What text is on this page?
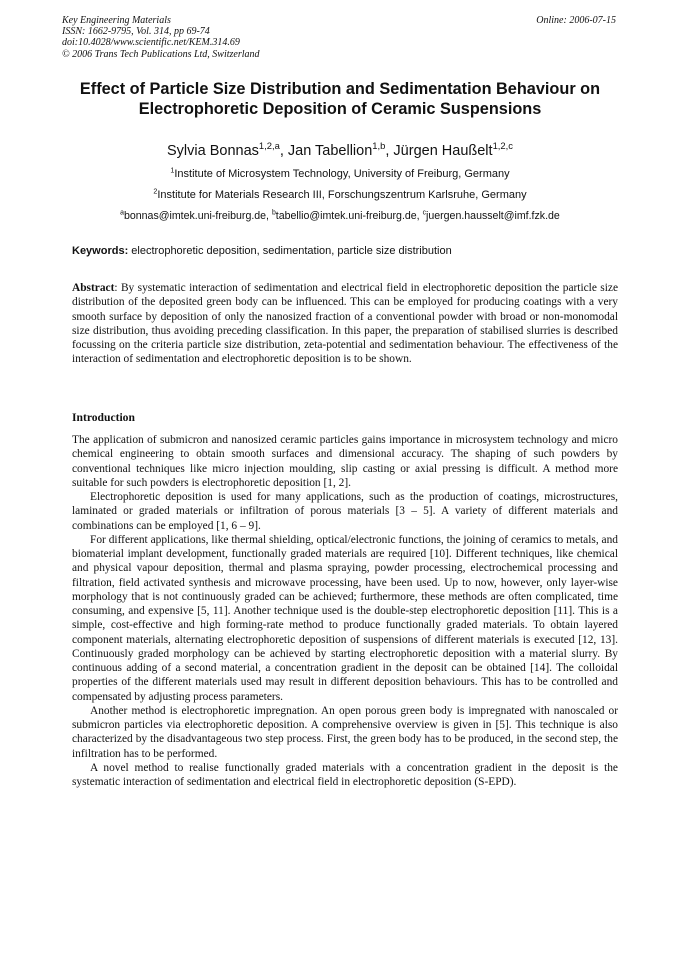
Key Engineering Materials
ISSN: 1662-9795, Vol. 314, pp 69-74
doi:10.4028/www.scientific.net/KEM.314.69
© 2006 Trans Tech Publications Ltd, Switzerland
Online: 2006-07-15
Effect of Particle Size Distribution and Sedimentation Behaviour on Electrophoretic Deposition of Ceramic Suspensions
Sylvia Bonnas$^{1,2,a}$, Jan Tabellion$^{1,b}$, Jürgen Haußelt$^{1,2,c}$
$^1$Institute of Microsystem Technology, University of Freiburg, Germany
$^2$Institute for Materials Research III, Forschungszentrum Karlsruhe, Germany
$^a$bonnas@imtek.uni-freiburg.de, $^b$tabellio@imtek.uni-freiburg.de, $^c$juergen.hausselt@imf.fzk.de
Keywords: electrophoretic deposition, sedimentation, particle size distribution
Abstract: By systematic interaction of sedimentation and electrical field in electrophoretic deposition the particle size distribution of the deposited green body can be influenced. This can be employed for producing coatings with a very smooth surface by deposition of only the nanosized fraction of a conventional powder with broad or non-monomodal size distribution, thus avoiding preceding classification. In this paper, the preparation of stabilised slurries is described focussing on the criteria particle size distribution, zeta-potential and sedimentation behaviour. The effectiveness of the interaction of sedimentation and electrophoretic deposition is to be shown.
Introduction

The application of submicron and nanosized ceramic particles gains importance in microsystem technology and micro chemical engineering to obtain smooth surfaces and dimensional accuracy. The shaping of such powders by conventional techniques like micro injection moulding, slip casting or axial pressing is difficult. A method more suitable for such powders is electrophoretic deposition [1, 2].

Electrophoretic deposition is used for many applications, such as the production of coatings, microstructures, laminated or graded materials or infiltration of porous materials [3 – 5]. A variety of different materials and combinations can be employed [1, 6 – 9].

For different applications, like thermal shielding, optical/electronic functions, the joining of ceramics to metals, and biomaterial implant development, functionally graded materials are required [10]. Different techniques, like chemical and physical vapour deposition, thermal and plasma spraying, powder processing, electrochemical processing and filtration, field activated synthesis and microwave processing, have been used. Up to now, however, only layer-wise morphology that is not continuously graded can be achieved; furthermore, these methods are often complicated, time consuming, and expensive [5, 11]. Another technique used is the double-step electrophoretic deposition [11]. This is a simple, cost-effective and high forming-rate method to produce functionally graded materials. To obtain layered component materials, alternating electrophoretic deposition of suspensions of different materials is executed [12, 13]. Continuously graded morphology can be achieved by starting electrophoretic deposition with a material slurry. By continuous adding of a second material, a concentration gradient in the deposit can be obtained [14]. The colloidal properties of the different materials used may result in different deposition behaviours. This has to be controlled and compensated by adjusting process parameters.

Another method is electrophoretic impregnation. An open porous green body is impregnated with nanoscaled or submicron particles via electrophoretic deposition. A comprehensive overview is given in [5]. This technique is also characterized by the disadvantageous two step process. First, the green body has to be produced, in the second step, the infiltration has to be performed.

A novel method to realise functionally graded materials with a concentration gradient in the deposit is the systematic interaction of sedimentation and electrical field in electrophoretic deposition (S-EPD).
